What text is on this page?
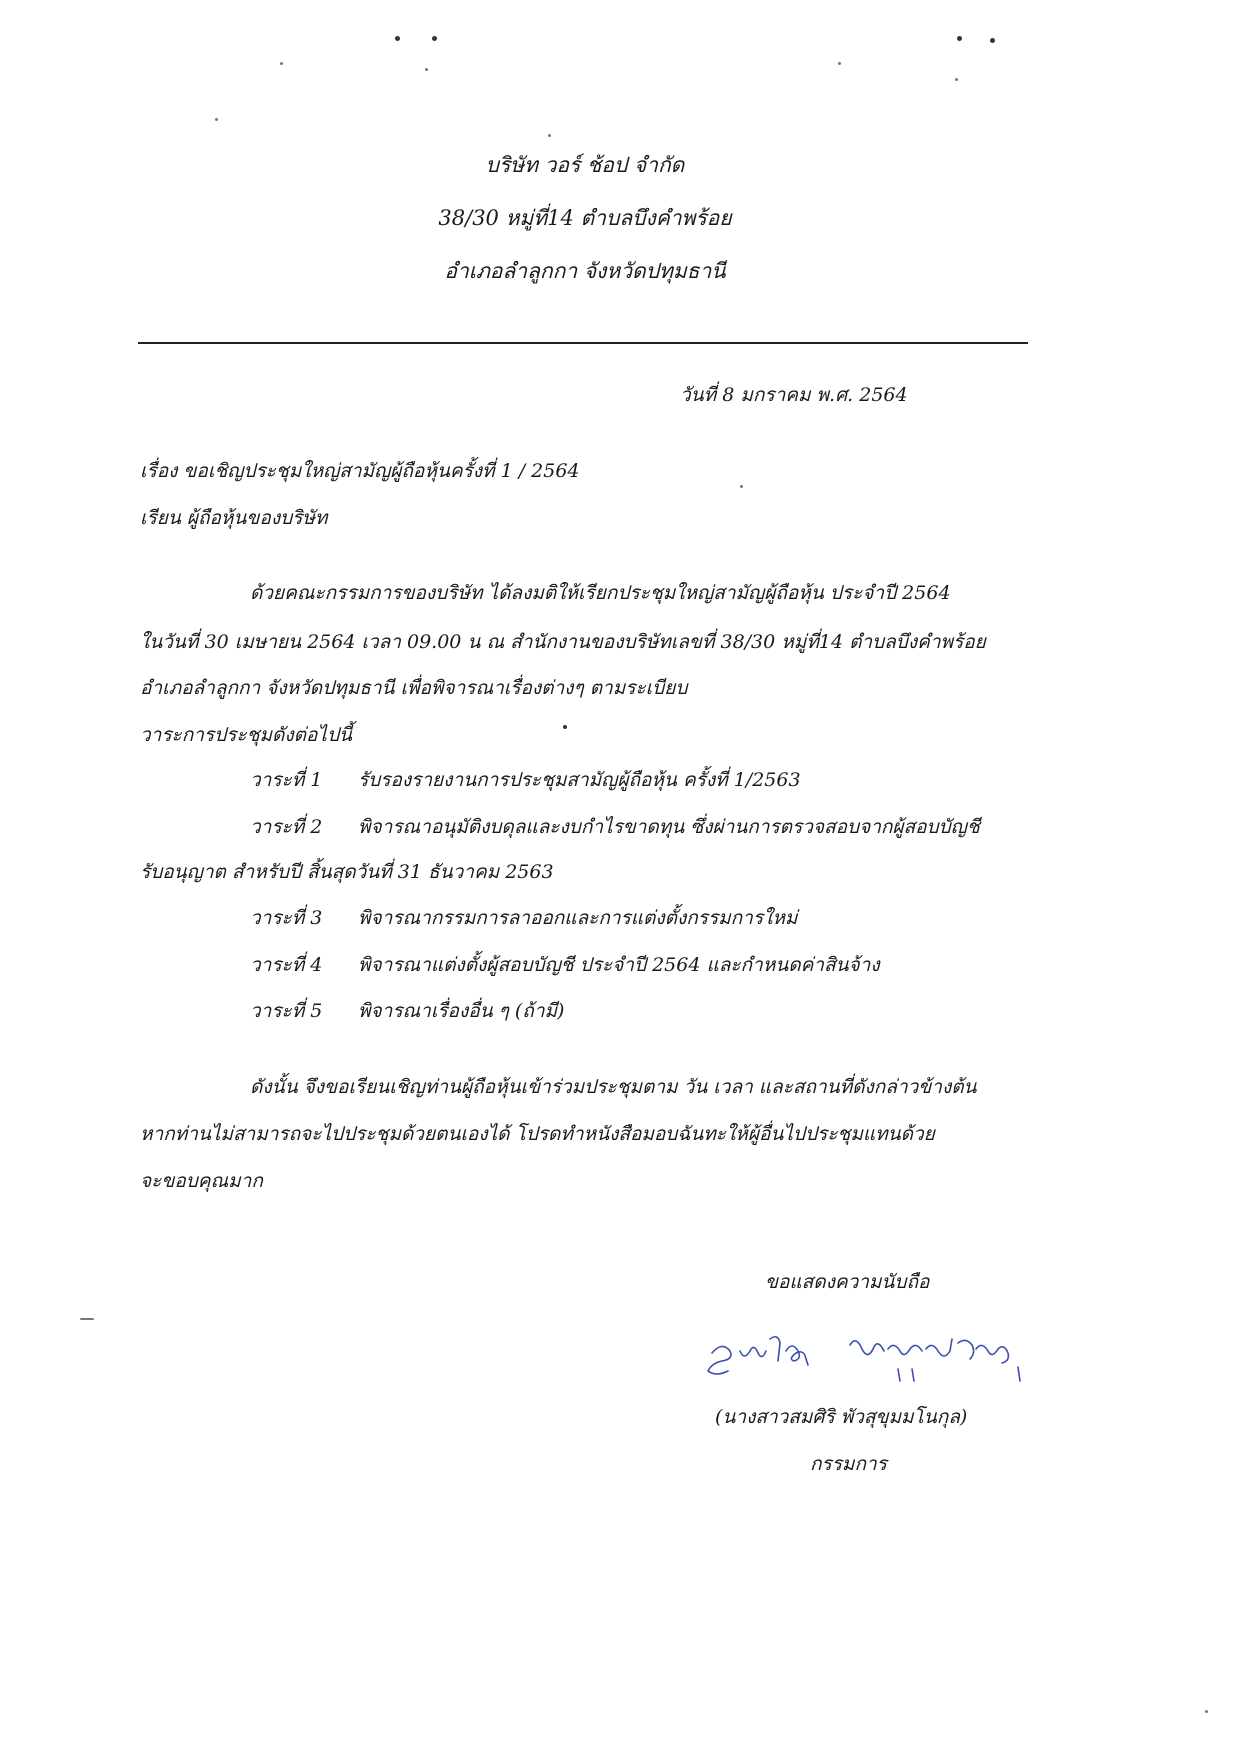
บริษัท วอร์ ช้อป จำกัด
38/30 หมู่ที่14 ตำบลบึงคำพร้อย
อำเภอลำลูกกา จังหวัดปทุมธานี
วันที่ 8 มกราคม พ.ศ. 2564
เรื่อง ขอเชิญประชุมใหญ่สามัญผู้ถือหุ้นครั้งที่ 1 / 2564
เรียน ผู้ถือหุ้นของบริษัท
ด้วยคณะกรรมการของบริษัท ได้ลงมติให้เรียกประชุมใหญ่สามัญผู้ถือหุ้น ประจำปี 2564
ในวันที่ 30 เมษายน 2564 เวลา 09.00 น ณ สำนักงานของบริษัทเลขที่ 38/30 หมู่ที่14 ตำบลบึงคำพร้อย
อำเภอลำลูกกา จังหวัดปทุมธานี เพื่อพิจารณาเรื่องต่างๆ ตามระเบียบ
วาระการประชุมดังต่อไปนี้
วาระที่ 1 รับรองรายงานการประชุมสามัญผู้ถือหุ้น ครั้งที่ 1/2563
วาระที่ 2 พิจารณาอนุมัติงบดุลและงบกำไรขาดทุน ซึ่งผ่านการตรวจสอบจากผู้สอบบัญชี
รับอนุญาต สำหรับปี สิ้นสุดวันที่ 31 ธันวาคม 2563
วาระที่ 3 พิจารณากรรมการลาออกและการแต่งตั้งกรรมการใหม่
วาระที่ 4 พิจารณาแต่งตั้งผู้สอบบัญชี ประจำปี 2564 และกำหนดค่าสินจ้าง
วาระที่ 5 พิจารณาเรื่องอื่น ๆ (ถ้ามี)
ดังนั้น จึงขอเรียนเชิญท่านผู้ถือหุ้นเข้าร่วมประชุมตาม วัน เวลา และสถานที่ดังกล่าวข้างต้น
หากท่านไม่สามารถจะไปประชุมด้วยตนเองได้ โปรดทำหนังสือมอบฉันทะให้ผู้อื่นไปประชุมแทนด้วย
จะขอบคุณมาก
ขอแสดงความนับถือ
(นางสาวสมศิริ พัวสุขุมมโนกุล)
กรรมการ
